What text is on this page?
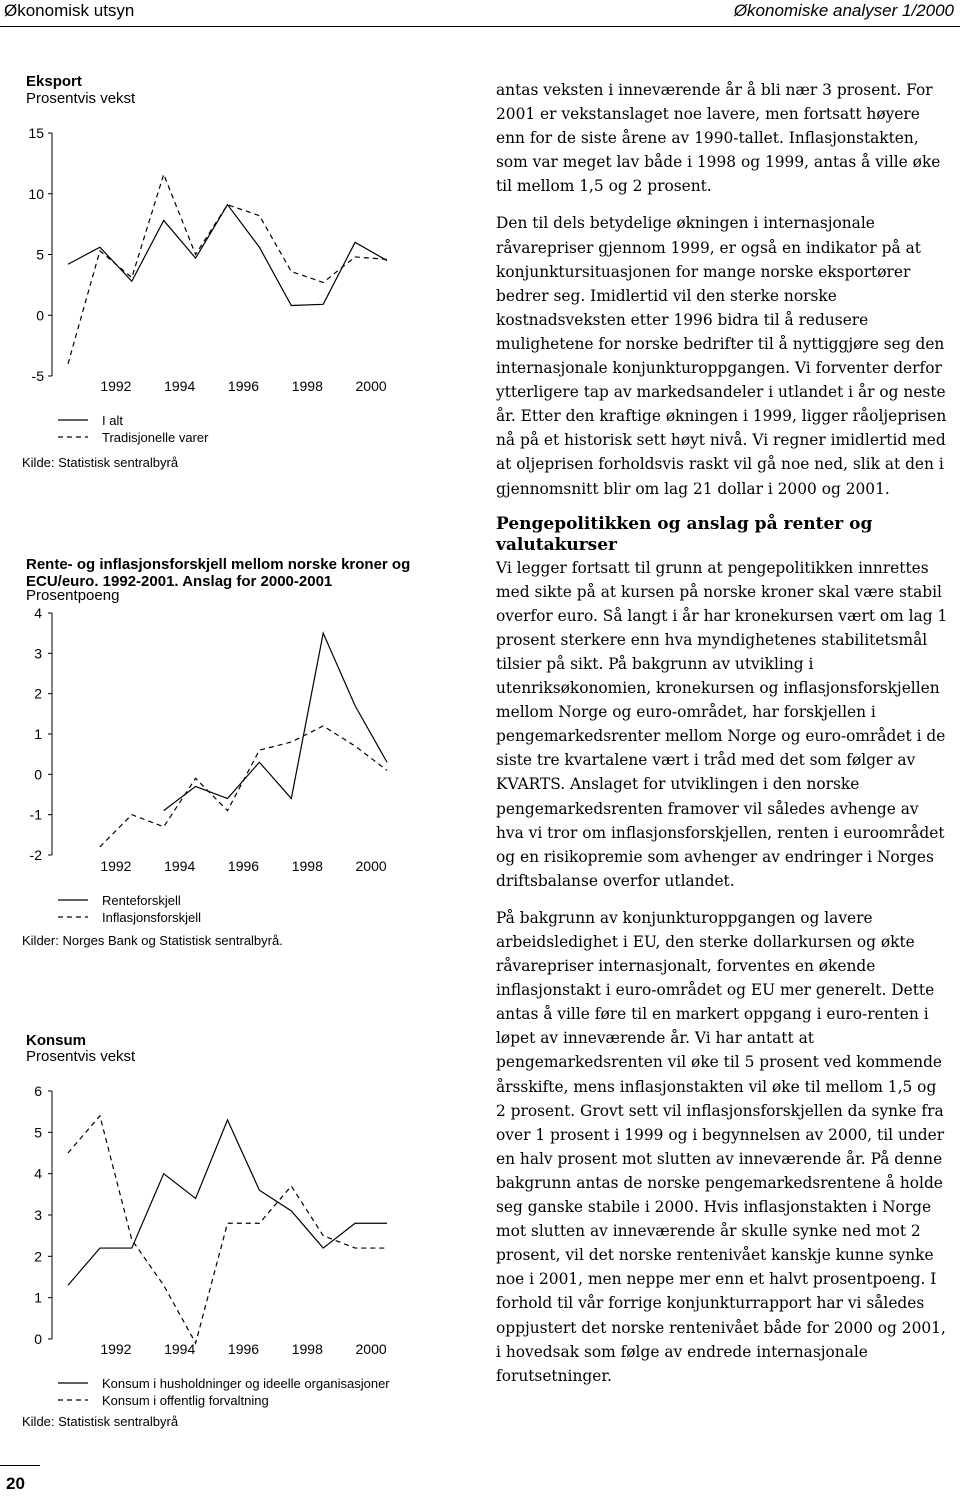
Økonomisk utsyn	Økonomiske analyser 1/2000
Eksport
Prosentvis vekst
15
10
5
0
-5
1992 1994 1996 1998 2000
I alt
Tradisjonelle varer
Kilde: Statistisk sentralbyrå
Rente- og inflasjonsforskjell mellom norske kroner og ECU/euro. 1992-2001. Anslag for 2000-2001
Prosentpoeng
4
3
2
1
0
-1
-2
1992 1994 1996 1998 2000
Renteforskjell
Inflasjonsforskjell
Kilder: Norges Bank og Statistisk sentralbyrå.
Konsum
Prosentvis vekst
6
5
4
3
2
1
0
1992 1994 1996 1998 2000
Konsum i husholdninger og ideelle organisasjoner
Konsum i offentlig forvaltning
Kilde: Statistisk sentralbyrå

antas veksten i inneværende år å bli nær 3 prosent. For 2001 er vekstanslaget noe lavere, men fortsatt høyere enn for de siste årene av 1990-tallet. Inflasjonstakten, som var meget lav både i 1998 og 1999, antas å ville øke til mellom 1,5 og 2 prosent.

Den til dels betydelige økningen i internasjonale råvarepriser gjennom 1999, er også en indikator på at konjunktursituasjonen for mange norske eksportører bedrer seg. Imidlertid vil den sterke norske kostnadsveksten etter 1996 bidra til å redusere mulighetene for norske bedrifter til å nyttiggjøre seg den internasjonale konjunkturoppgangen. Vi forventer derfor ytterligere tap av markedsandeler i utlandet i år og neste år. Etter den kraftige økningen i 1999, ligger råoljeprisen nå på et historisk sett høyt nivå. Vi regner imidlertid med at oljeprisen forholdsvis raskt vil gå noe ned, slik at den i gjennomsnitt blir om lag 21 dollar i 2000 og 2001.

Pengepolitikken og anslag på renter og valutakurser

Vi legger fortsatt til grunn at pengepolitikken innrettes med sikte på at kursen på norske kroner skal være stabil overfor euro. Så langt i år har kronekursen vært om lag 1 prosent sterkere enn hva myndighetenes stabilitetsmål tilsier på sikt. På bakgrunn av utvikling i utenriksøkonomien, kronekursen og inflasjonsforskjellen mellom Norge og euro-området, har forskjellen i pengemarkedsrenter mellom Norge og euro-området i de siste tre kvartalene vært i tråd med det som følger av KVARTS. Anslaget for utviklingen i den norske pengemarkedsrenten framover vil således avhenge av hva vi tror om inflasjonsforskjellen, renten i euroområdet og en risikopremie som avhenger av endringer i Norges driftsbalanse overfor utlandet.

På bakgrunn av konjunkturoppgangen og lavere arbeidsledighet i EU, den sterke dollarkursen og økte råvarepriser internasjonalt, forventes en økende inflasjonstakt i euro-området og EU mer generelt. Dette antas å ville føre til en markert oppgang i euro-renten i løpet av inneværende år. Vi har antatt at pengemarkedsrenten vil øke til 5 prosent ved kommende årsskifte, mens inflasjonstakten vil øke til mellom 1,5 og 2 prosent. Grovt sett vil inflasjonsforskjellen da synke fra over 1 prosent i 1999 og i begynnelsen av 2000, til under en halv prosent mot slutten av inneværende år. På denne bakgrunn antas de norske pengemarkedsrentene å holde seg ganske stabile i 2000. Hvis inflasjonstakten i Norge mot slutten av inneværende år skulle synke ned mot 2 prosent, vil det norske rentenivået kanskje kunne synke noe i 2001, men neppe mer enn et halvt prosentpoeng. I forhold til vår forrige konjunkturrapport har vi således oppjustert det norske rentenivået både for 2000 og 2001, i hovedsak som følge av endrede internasjonale forutsetninger.

20
